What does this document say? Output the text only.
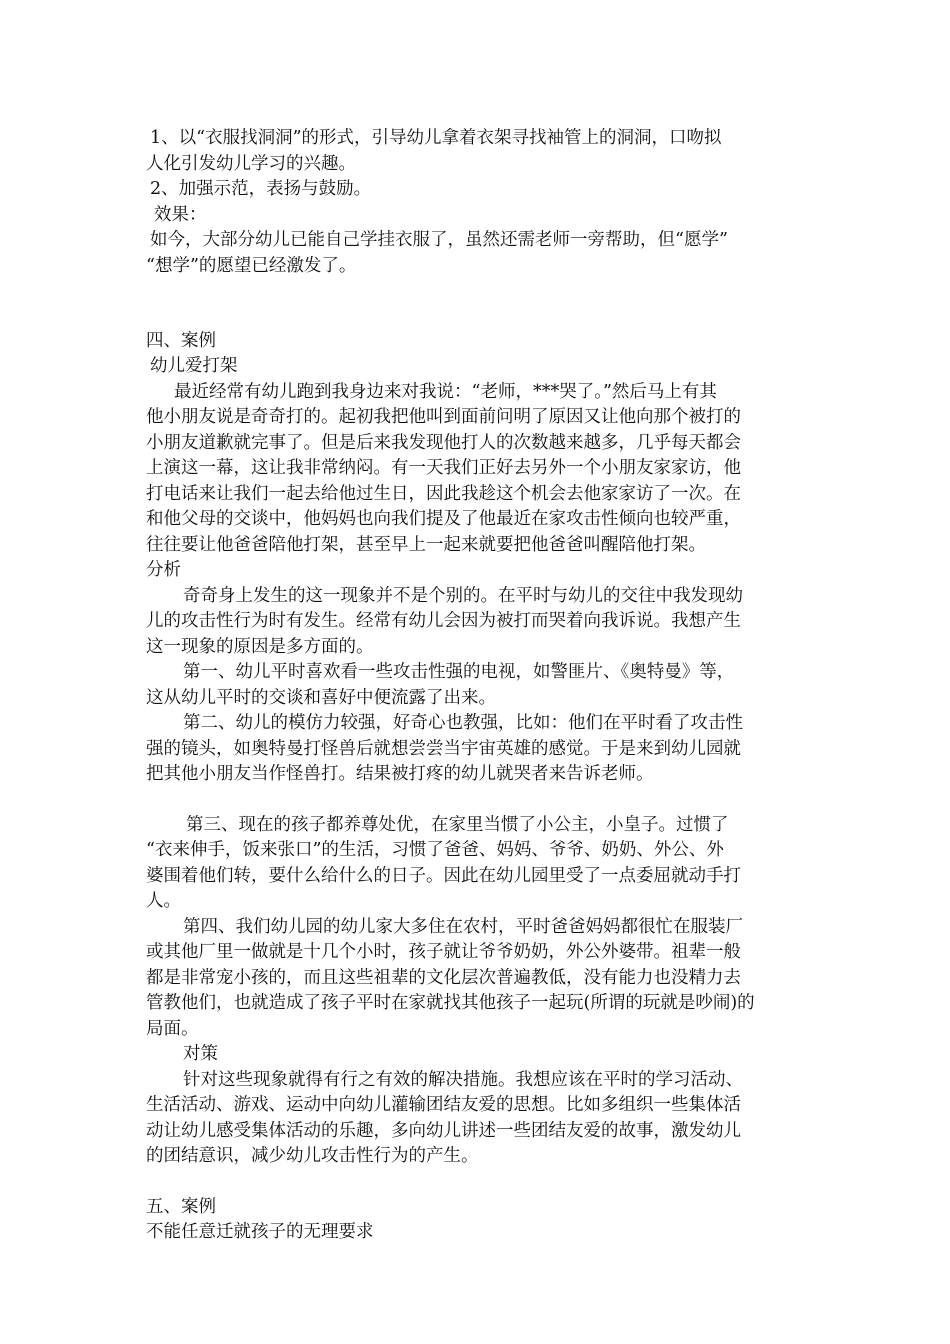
1、以“衣服找洞洞”的形式，引导幼儿拿着衣架寻找袖管上的洞洞，口吻拟
人化引发幼儿学习的兴趣。
2、加强示范，表扬与鼓励。
效果：
如今，大部分幼儿已能自己学挂衣服了，虽然还需老师一旁帮助，但“愿学”
“想学”的愿望已经激发了。
四、案例
幼儿爱打架
最近经常有幼儿跑到我身边来对我说：“老师，***哭了。”然后马上有其
他小朋友说是奇奇打的。起初我把他叫到面前问明了原因又让他向那个被打的
小朋友道歉就完事了。但是后来我发现他打人的次数越来越多，几乎每天都会
上演这一幕，这让我非常纳闷。有一天我们正好去另外一个小朋友家家访，他
打电话来让我们一起去给他过生日，因此我趁这个机会去他家家访了一次。在
和他父母的交谈中，他妈妈也向我们提及了他最近在家攻击性倾向也较严重，
往往要让他爸爸陪他打架，甚至早上一起来就要把他爸爸叫醒陪他打架。
分析
奇奇身上发生的这一现象并不是个别的。在平时与幼儿的交往中我发现幼
儿的攻击性行为时有发生。经常有幼儿会因为被打而哭着向我诉说。我想产生
这一现象的原因是多方面的。
第一、幼儿平时喜欢看一些攻击性强的电视，如警匪片、《奥特曼》等，
这从幼儿平时的交谈和喜好中便流露了出来。
第二、幼儿的模仿力较强，好奇心也教强，比如：他们在平时看了攻击性
强的镜头，如奥特曼打怪兽后就想尝尝当宇宙英雄的感觉。于是来到幼儿园就
把其他小朋友当作怪兽打。结果被打疼的幼儿就哭者来告诉老师。
第三、现在的孩子都养尊处优，在家里当惯了小公主，小皇子。过惯了
“衣来伸手，饭来张口”的生活，习惯了爸爸、妈妈、爷爷、奶奶、外公、外
婆围着他们转，要什么给什么的日子。因此在幼儿园里受了一点委屈就动手打
人。
第四、我们幼儿园的幼儿家大多住在农村，平时爸爸妈妈都很忙在服装厂
或其他厂里一做就是十几个小时，孩子就让爷爷奶奶，外公外婆带。祖辈一般
都是非常宠小孩的，而且这些祖辈的文化层次普遍教低，没有能力也没精力去
管教他们，也就造成了孩子平时在家就找其他孩子一起玩(所谓的玩就是吵闹)的
局面。
对策
针对这些现象就得有行之有效的解决措施。我想应该在平时的学习活动、
生活活动、游戏、运动中向幼儿灌输团结友爱的思想。比如多组织一些集体活
动让幼儿感受集体活动的乐趣，多向幼儿讲述一些团结友爱的故事，激发幼儿
的团结意识，减少幼儿攻击性行为的产生。
五、案例
不能任意迁就孩子的无理要求
